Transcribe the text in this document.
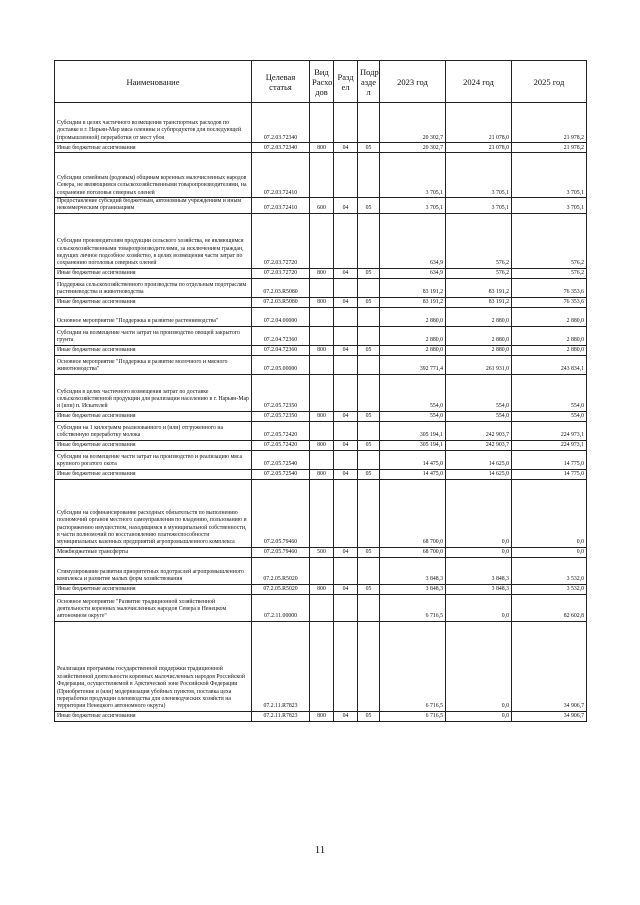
Наименование	Целевая статья	Вид Расхо дов	Разд ел	Подр азде л	2023 год	2024 год	2025 год
Субсидии в целях частичного возмещения транспортных расходов по доставке в г. Нарьян-Мар мяса оленины и субпродуктов для последующей (промышленной) переработки от мест убоя	07.2.03.72340				20 302,7	21 078,0	21 978,2
Иные бюджетные ассигнования	07.2.03.72340	800	04	05	20 302,7	21 078,0	21 978,2
Субсидии семейным (родовым) общинам коренных малочисленных народов Севера, не являющимся сельскохозяйственными товаропроизводителями, на сохранение поголовья северных оленей	07.2.03.72410				3 705,1	3 705,1	3 705,1
Предоставление субсидий бюджетным, автономным учреждениям и иным некоммерческим организациям	07.2.03.72410	600	04	05	3 705,1	3 705,1	3 705,1
Субсидии производителям продукции сельского хозяйства, не являющимся сельскохозяйственными товаропроизводителями, за исключением граждан, ведущих личное подсобное хозяйство, в целях возмещения части затрат по сохранению поголовья северных оленей	07.2.03.72720				634,9	576,2	576,2
Иные бюджетные ассигнования	07.2.03.72720	800	04	05	634,9	576,2	576,2
Поддержка сельскохозяйственного производства по отдельным подотраслям растениеводства и животноводства	07.2.03.R5080				83 191,2	83 191,2	76 353,6
Иные бюджетные ассигнования	07.2.03.R5080	800	04	05	83 191,2	83 191,2	76 353,6
Основное мероприятие "Поддержка и развитие растениеводства"	07.2.04.00000				2 880,0	2 880,0	2 880,0
Субсидии на возмещение части затрат на производство овощей закрытого грунта	07.2.04.72360				2 880,0	2 880,0	2 880,0
Иные бюджетные ассигнования	07.2.04.72360	800	04	05	2 880,0	2 880,0	2 880,0
Основное мероприятие "Поддержка и развитие молочного и мясного животноводства"	07.2.05.00000				392 771,4	261 931,0	243 834,1
Субсидия в целях частичного возмещения затрат по доставке сельскохозяйственной продукции для реализации населению в г. Нарьян-Мар и (или) п. Искателей	07.2.05.72350				554,0	554,0	554,0
Иные бюджетные ассигнования	07.2.05.72350	800	04	05	554,0	554,0	554,0
Субсидии на 1 килограмм реализованного и (или) отгруженного на собственную переработку молока	07.2.05.72420				305 194,1	242 903,7	224 973,1
Иные бюджетные ассигнования	07.2.05.72420	800	04	05	305 194,1	242 903,7	224 973,1
Субсидии на возмещение части затрат на производство и реализацию мяса крупного рогатого скота	07.2.05.72540				14 475,0	14 625,0	14 775,0
Иные бюджетные ассигнования	07.2.05.72540	800	04	05	14 475,0	14 625,0	14 775,0
Субсидии на софинансирование расходных обязательств по выполнению полномочий органов местного самоуправления по владению, пользованию и распоряжению имуществом, находящимся в муниципальной собственности, в части полномочий по восстановлению платежеспособности муниципальных казенных предприятий агропромышленного комплекса	07.2.05.79460				68 700,0	0,0	0,0
Межбюджетные трансферты	07.2.05.79460	500	04	05	68 700,0	0,0	0,0
Стимулирование развития приоритетных подотраслей агропромышленного комплекса и развитие малых форм хозяйствования	07.2.05.R5020				3 848,3	3 848,3	3 532,0
Иные бюджетные ассигнования	07.2.05.R5020	800	04	05	3 848,3	3 848,3	3 532,0
Основное мероприятие "Развитие традиционной хозяйственной деятельности коренных малочисленных народов Севера в Ненецком автономном округе"	07.2.11.00000				6 716,5	0,0	82 602,8
Реализация программы государственной поддержки традиционной хозяйственной деятельности коренных малочисленных народов Российской Федерации, осуществляемой в Арктической зоне Российской Федерации (Приобретение и (или) модернизация убойных пунктов, поставка цеха переработки продукции оленеводства для оленеводческих хозяйств на территории Ненецкого автономного округа)	07.2.11.R7823				6 716,5	0,0	34 906,7
Иные бюджетные ассигнования	07.2.11.R7823	800	04	05	6 716,5	0,0	34 906,7
11
